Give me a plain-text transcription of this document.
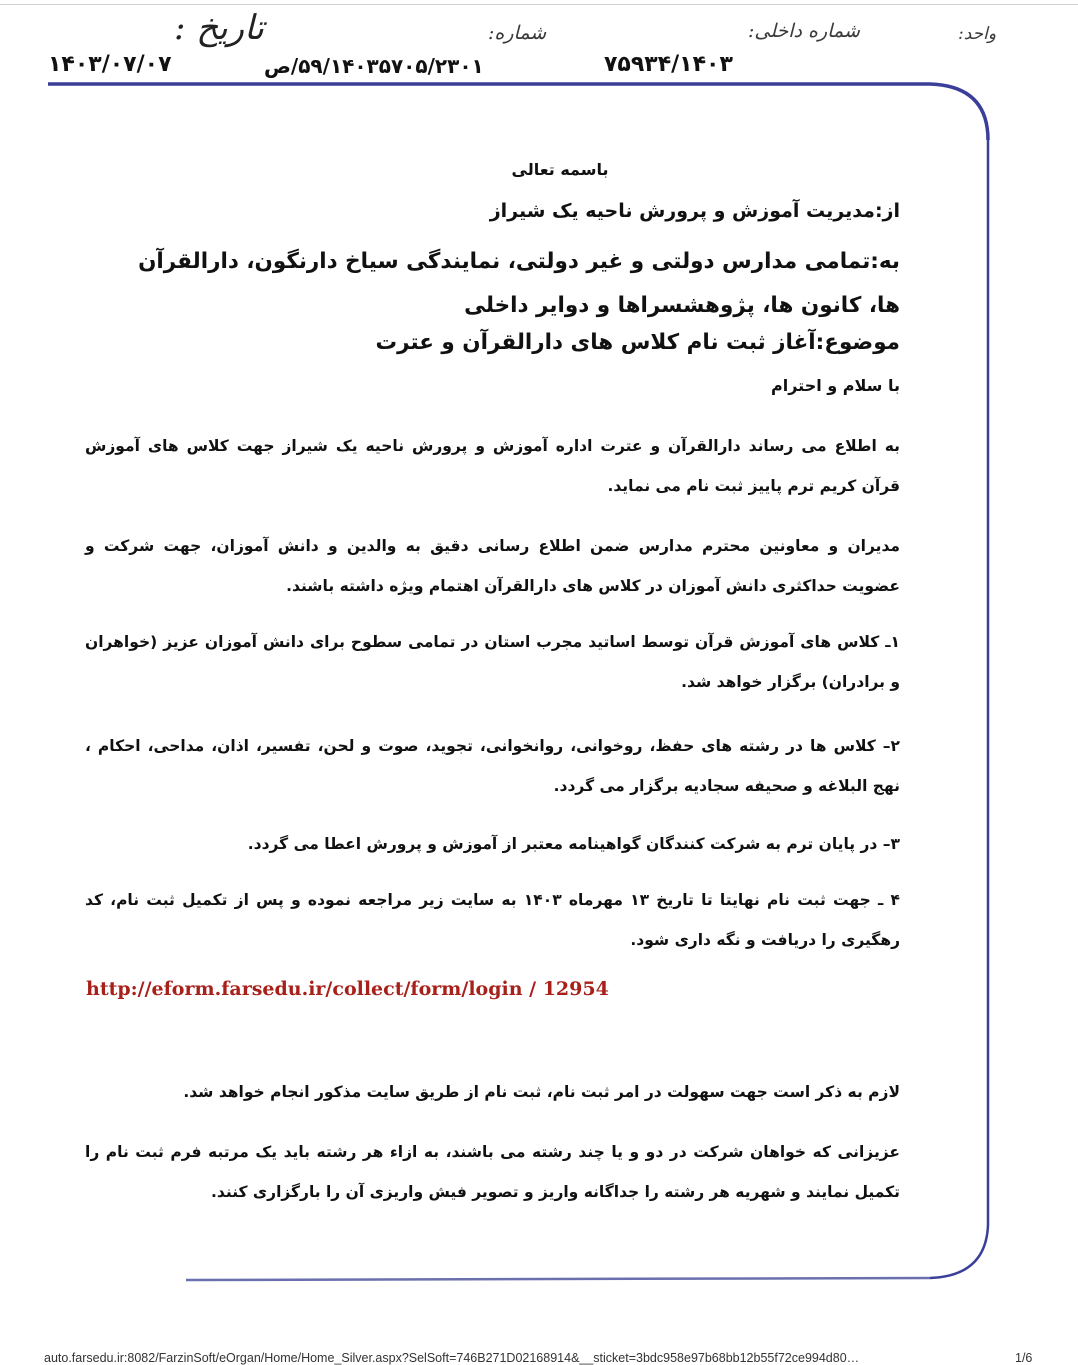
واحد:
شماره داخلی:
۷۵۹۳۴/۱۴۰۳
شماره:
۵۹/۱۴۰۳۵۷۰۵/۲۳۰۱/ص
تاریخ :
۱۴۰۳/۰۷/۰۷
باسمه تعالی
از:مدیریت آموزش و پرورش ناحیه یک شیراز
به:تمامی مدارس دولتی و غیر دولتی، نمایندگی سیاخ دارنگون، دارالقرآن ها، کانون ها، پژوهشسراها و دوایر داخلی
موضوع:آغاز ثبت نام کلاس های دارالقرآن و عترت
با سلام و احترام
به اطلاع می رساند دارالقرآن و عترت اداره آموزش و پرورش ناحیه یک شیراز جهت کلاس های آموزش قرآن کریم ترم پاییز ثبت نام می نماید.
مدیران و معاونین محترم مدارس ضمن اطلاع رسانی دقیق به والدین و دانش آموزان، جهت شرکت و عضویت حداکثری دانش آموزان در کلاس های دارالقرآن اهتمام ویژه داشته باشند.
۱ـ کلاس های آموزش قرآن توسط اساتید مجرب استان در تمامی سطوح برای دانش آموزان عزیز (خواهران و برادران) برگزار خواهد شد.
۲– کلاس ها در رشته های حفظ، روخوانی، روانخوانی، تجوید، صوت و لحن، تفسیر، اذان، مداحی، احکام ، نهج البلاغه و صحیفه سجادیه برگزار می گردد.
۳– در پایان ترم به شرکت کنندگان گواهینامه معتبر از آموزش و پرورش اعطا می گردد.
۴ ـ جهت ثبت نام نهایتا تا تاریخ ۱۳ مهرماه ۱۴۰۳ به سایت زیر مراجعه نموده و پس از تکمیل ثبت نام، کد رهگیری را دریافت و نگه داری شود.
http://eform.farsedu.ir/collect/form/login / 12954
لازم به ذکر است جهت سهولت در امر ثبت نام، ثبت نام از طریق سایت مذکور انجام خواهد شد.
عزیزانی که خواهان شرکت در دو و یا چند رشته می باشند، به ازاء هر رشته باید یک مرتبه فرم ثبت نام را تکمیل نمایند و شهریه هر رشته را جداگانه واریز و تصویر فیش واریزی آن را بارگزاری کنند.
auto.farsedu.ir:8082/FarzinSoft/eOrgan/Home/Home_Silver.aspx?SelSoft=746B271D02168914&__sticket=3bdc958e97b68bb12b55f72ce994d80…	1/6
